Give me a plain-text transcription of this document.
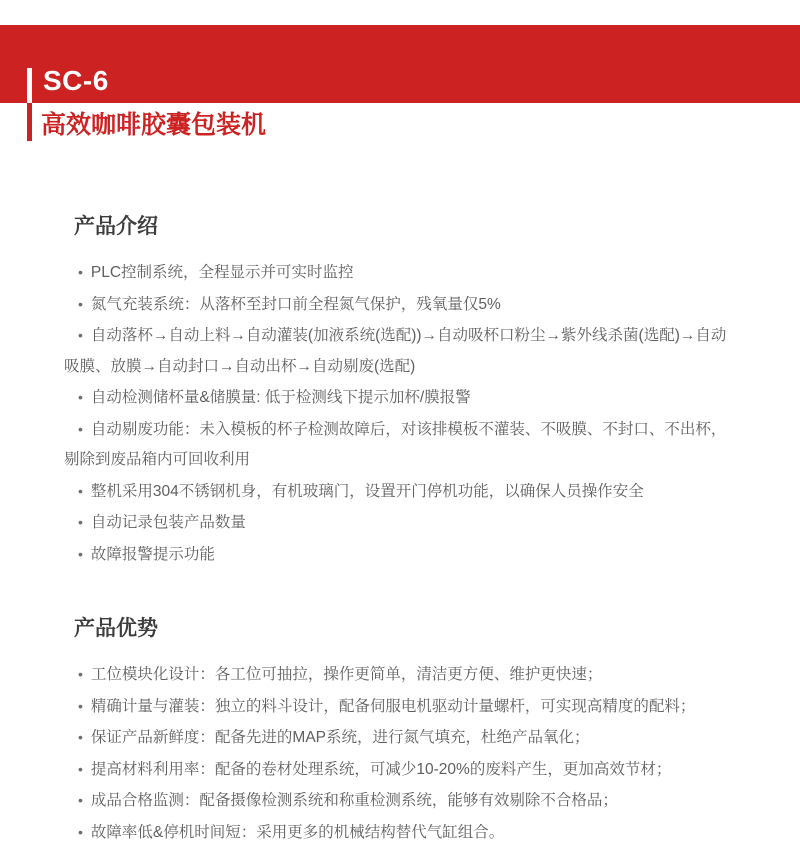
SC-6
高效咖啡胶囊包装机
产品介绍
• PLC控制系统，全程显示并可实时监控
• 氮气充装系统：从落杯至封口前全程氮气保护，残氧量仅5%
• 自动落杯→自动上料→自动灌装(加液系统(选配))→自动吸杯口粉尘→紫外线杀菌(选配)→自动吸膜、放膜→自动封口→自动出杯→自动剔废(选配)
• 自动检测储杯量&储膜量: 低于检测线下提示加杯/膜报警
• 自动剔废功能：未入模板的杯子检测故障后，对该排模板不灌装、不吸膜、不封口、不出杯，剔除到废品箱内可回收利用
• 整机采用304不锈钢机身，有机玻璃门，设置开门停机功能，以确保人员操作安全
• 自动记录包装产品数量
• 故障报警提示功能
产品优势
• 工位模块化设计：各工位可抽拉，操作更简单，清洁更方便、维护更快速；
• 精确计量与灌装：独立的料斗设计，配备伺服电机驱动计量螺杆，可实现高精度的配料；
• 保证产品新鲜度：配备先进的MAP系统，进行氮气填充，杜绝产品氧化；
• 提高材料利用率：配备的卷材处理系统，可减少10-20%的废料产生，更加高效节材；
• 成品合格监测：配备摄像检测系统和称重检测系统，能够有效剔除不合格品；
• 故障率低&停机时间短：采用更多的机械结构替代气缸组合。
